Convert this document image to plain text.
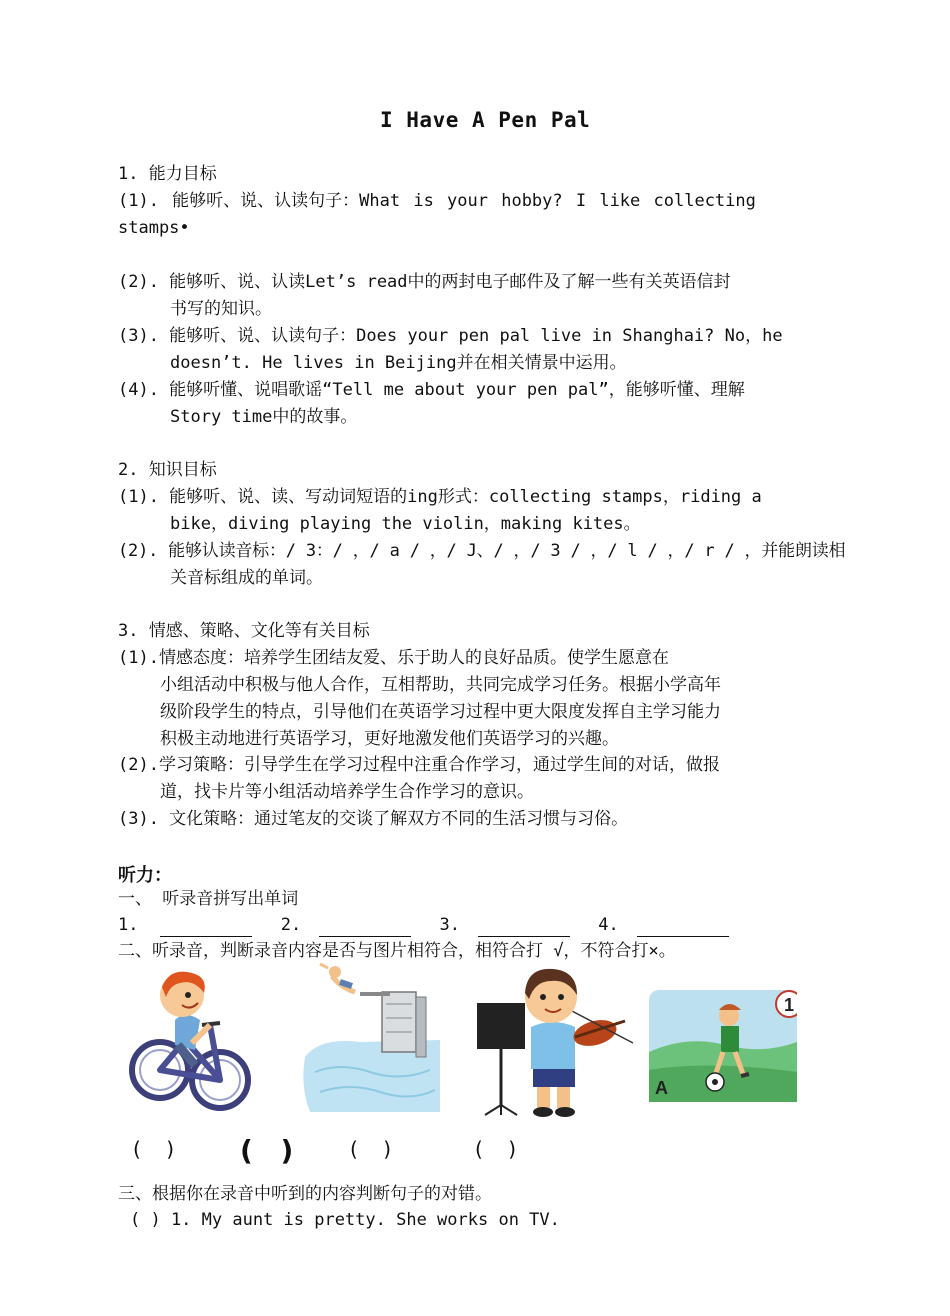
I Have A Pen Pal
1. 能力目标
(1). 能够听、说、认读句子：What is your hobby? I like collecting
stamps•
(2). 能够听、说、认读Let’s read中的两封电子邮件及了解一些有关英语信封
书写的知识。
(3). 能够听、说、认读句子：Does your pen pal live in Shanghai? No，he
doesn’t. He lives in Beijing并在相关情景中运用。
(4). 能够听懂、说唱歌谣“Tell me about your pen pal”，能够听懂、理解
Story time中的故事。
2. 知识目标
(1). 能够听、说、读、写动词短语的ing形式：collecting stamps，riding a
bike，diving playing the violin，making kites。
(2). 能够认读音标：/ 3：/ ，/ a / ，/ J、/ ，/ 3 / ，/ l / ，/ r / ，并能朗读相
关音标组成的单词。
3. 情感、策略、文化等有关目标
(1).情感态度：培养学生团结友爱、乐于助人的良好品质。使学生愿意在
小组活动中积极与他人合作，互相帮助，共同完成学习任务。根据小学高年
级阶段学生的特点，引导他们在英语学习过程中更大限度发挥自主学习能力
积极主动地进行英语学习，更好地激发他们英语学习的兴趣。
(2).学习策略：引导学生在学习过程中注重合作学习，通过学生间的对话，做报
道，找卡片等小组活动培养学生合作学习的意识。
(3). 文化策略：通过笔友的交谈了解双方不同的生活习惯与习俗。
听力：
一、 听录音拼写出单词
1.	2.	3.	4.
二、听录音，判断录音内容是否与图片相符合，相符合打 √，不符合打×。
1
A
(    ) ( )	(    )	(    )
三、根据你在录音中听到的内容判断句子的对错。
( ) 1. My aunt is pretty. She works on TV.
